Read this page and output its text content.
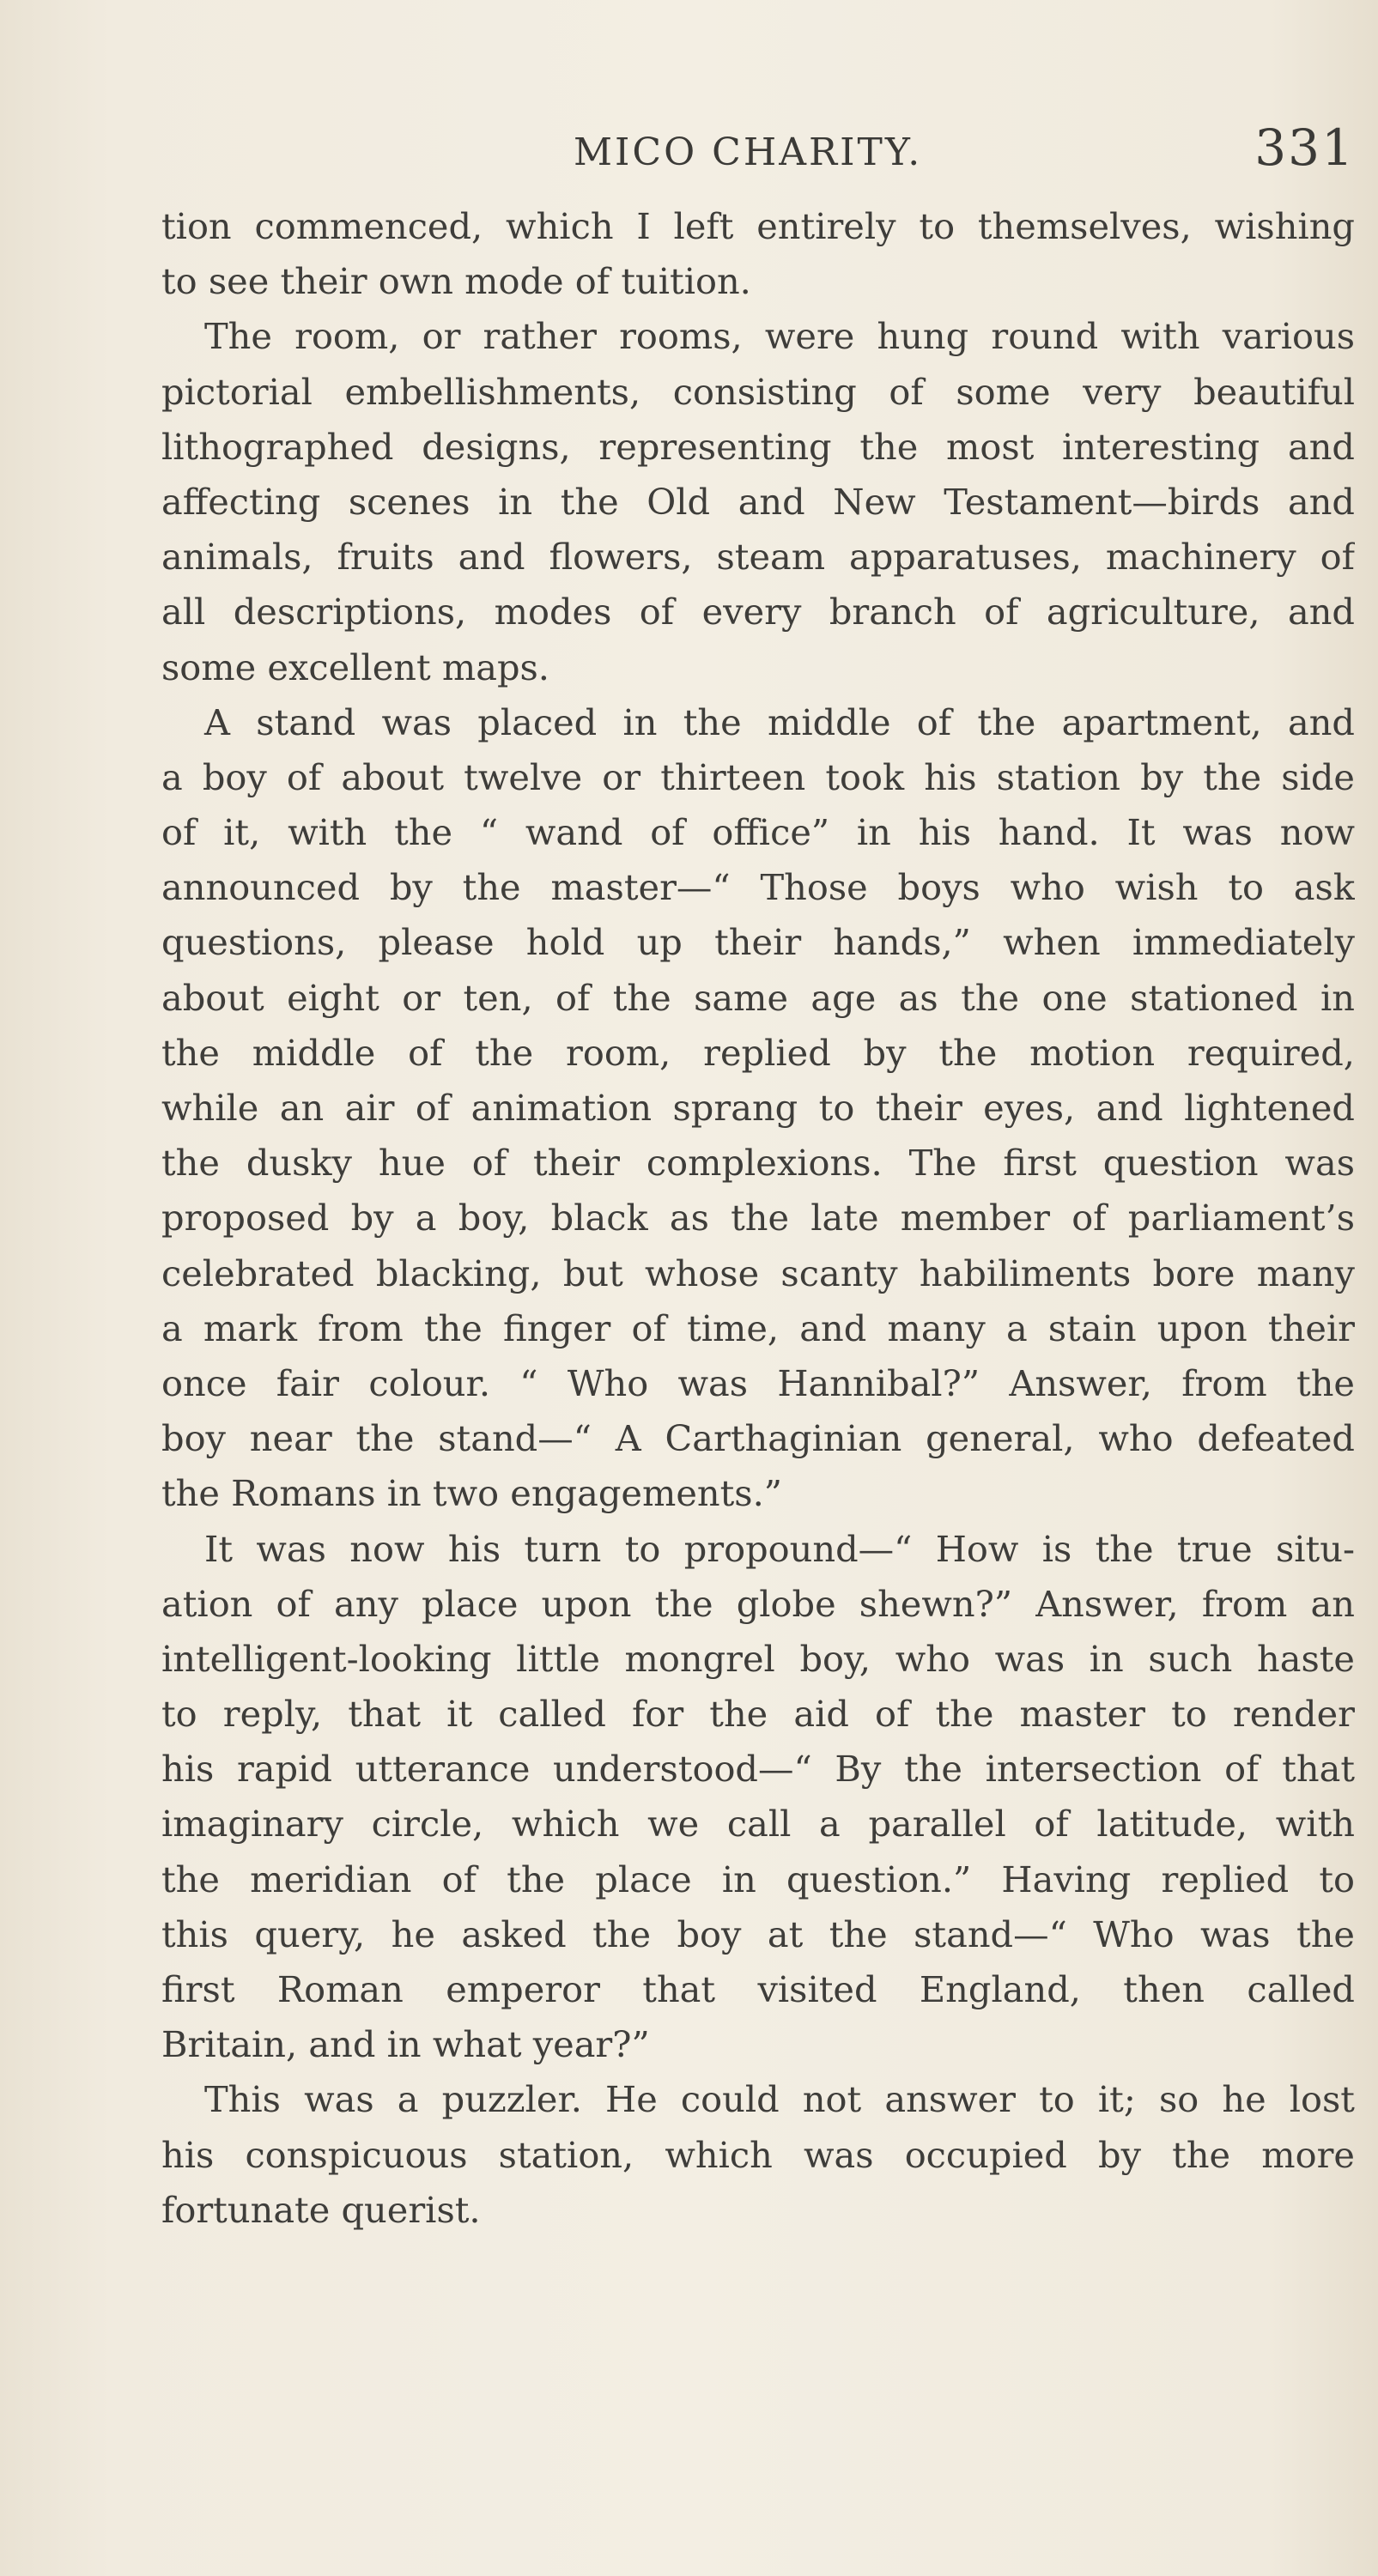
MICO CHARITY.	331
tion commenced, which I left entirely to themselves, wishing
to see their own mode of tuition.
The room, or rather rooms, were hung round with various
pictorial embellishments, consisting of some very beautiful
lithographed designs, representing the most interesting and
affecting scenes in the Old and New Testament—birds and
animals, fruits and flowers, steam apparatuses, machinery of
all descriptions, modes of every branch of agriculture, and
some excellent maps.
A stand was placed in the middle of the apartment, and
a boy of about twelve or thirteen took his station by the side
of it, with the “ wand of office” in his hand. It was now
announced by the master—“ Those boys who wish to ask
questions, please hold up their hands,” when immediately
about eight or ten, of the same age as the one stationed in
the middle of the room, replied by the motion required,
while an air of animation sprang to their eyes, and lightened
the dusky hue of their complexions. The first question was
proposed by a boy, black as the late member of parliament’s
celebrated blacking, but whose scanty habiliments bore many
a mark from the finger of time, and many a stain upon their
once fair colour. “ Who was Hannibal?” Answer, from the
boy near the stand—“ A Carthaginian general, who defeated
the Romans in two engagements.”
It was now his turn to propound—“ How is the true situ-
ation of any place upon the globe shewn?” Answer, from an
intelligent-looking little mongrel boy, who was in such haste
to reply, that it called for the aid of the master to render
his rapid utterance understood—“ By the intersection of that
imaginary circle, which we call a parallel of latitude, with
the meridian of the place in question.” Having replied to
this query, he asked the boy at the stand—“ Who was the
first Roman emperor that visited England, then called
Britain, and in what year?”
This was a puzzler. He could not answer to it; so he lost
his conspicuous station, which was occupied by the more
fortunate querist.
